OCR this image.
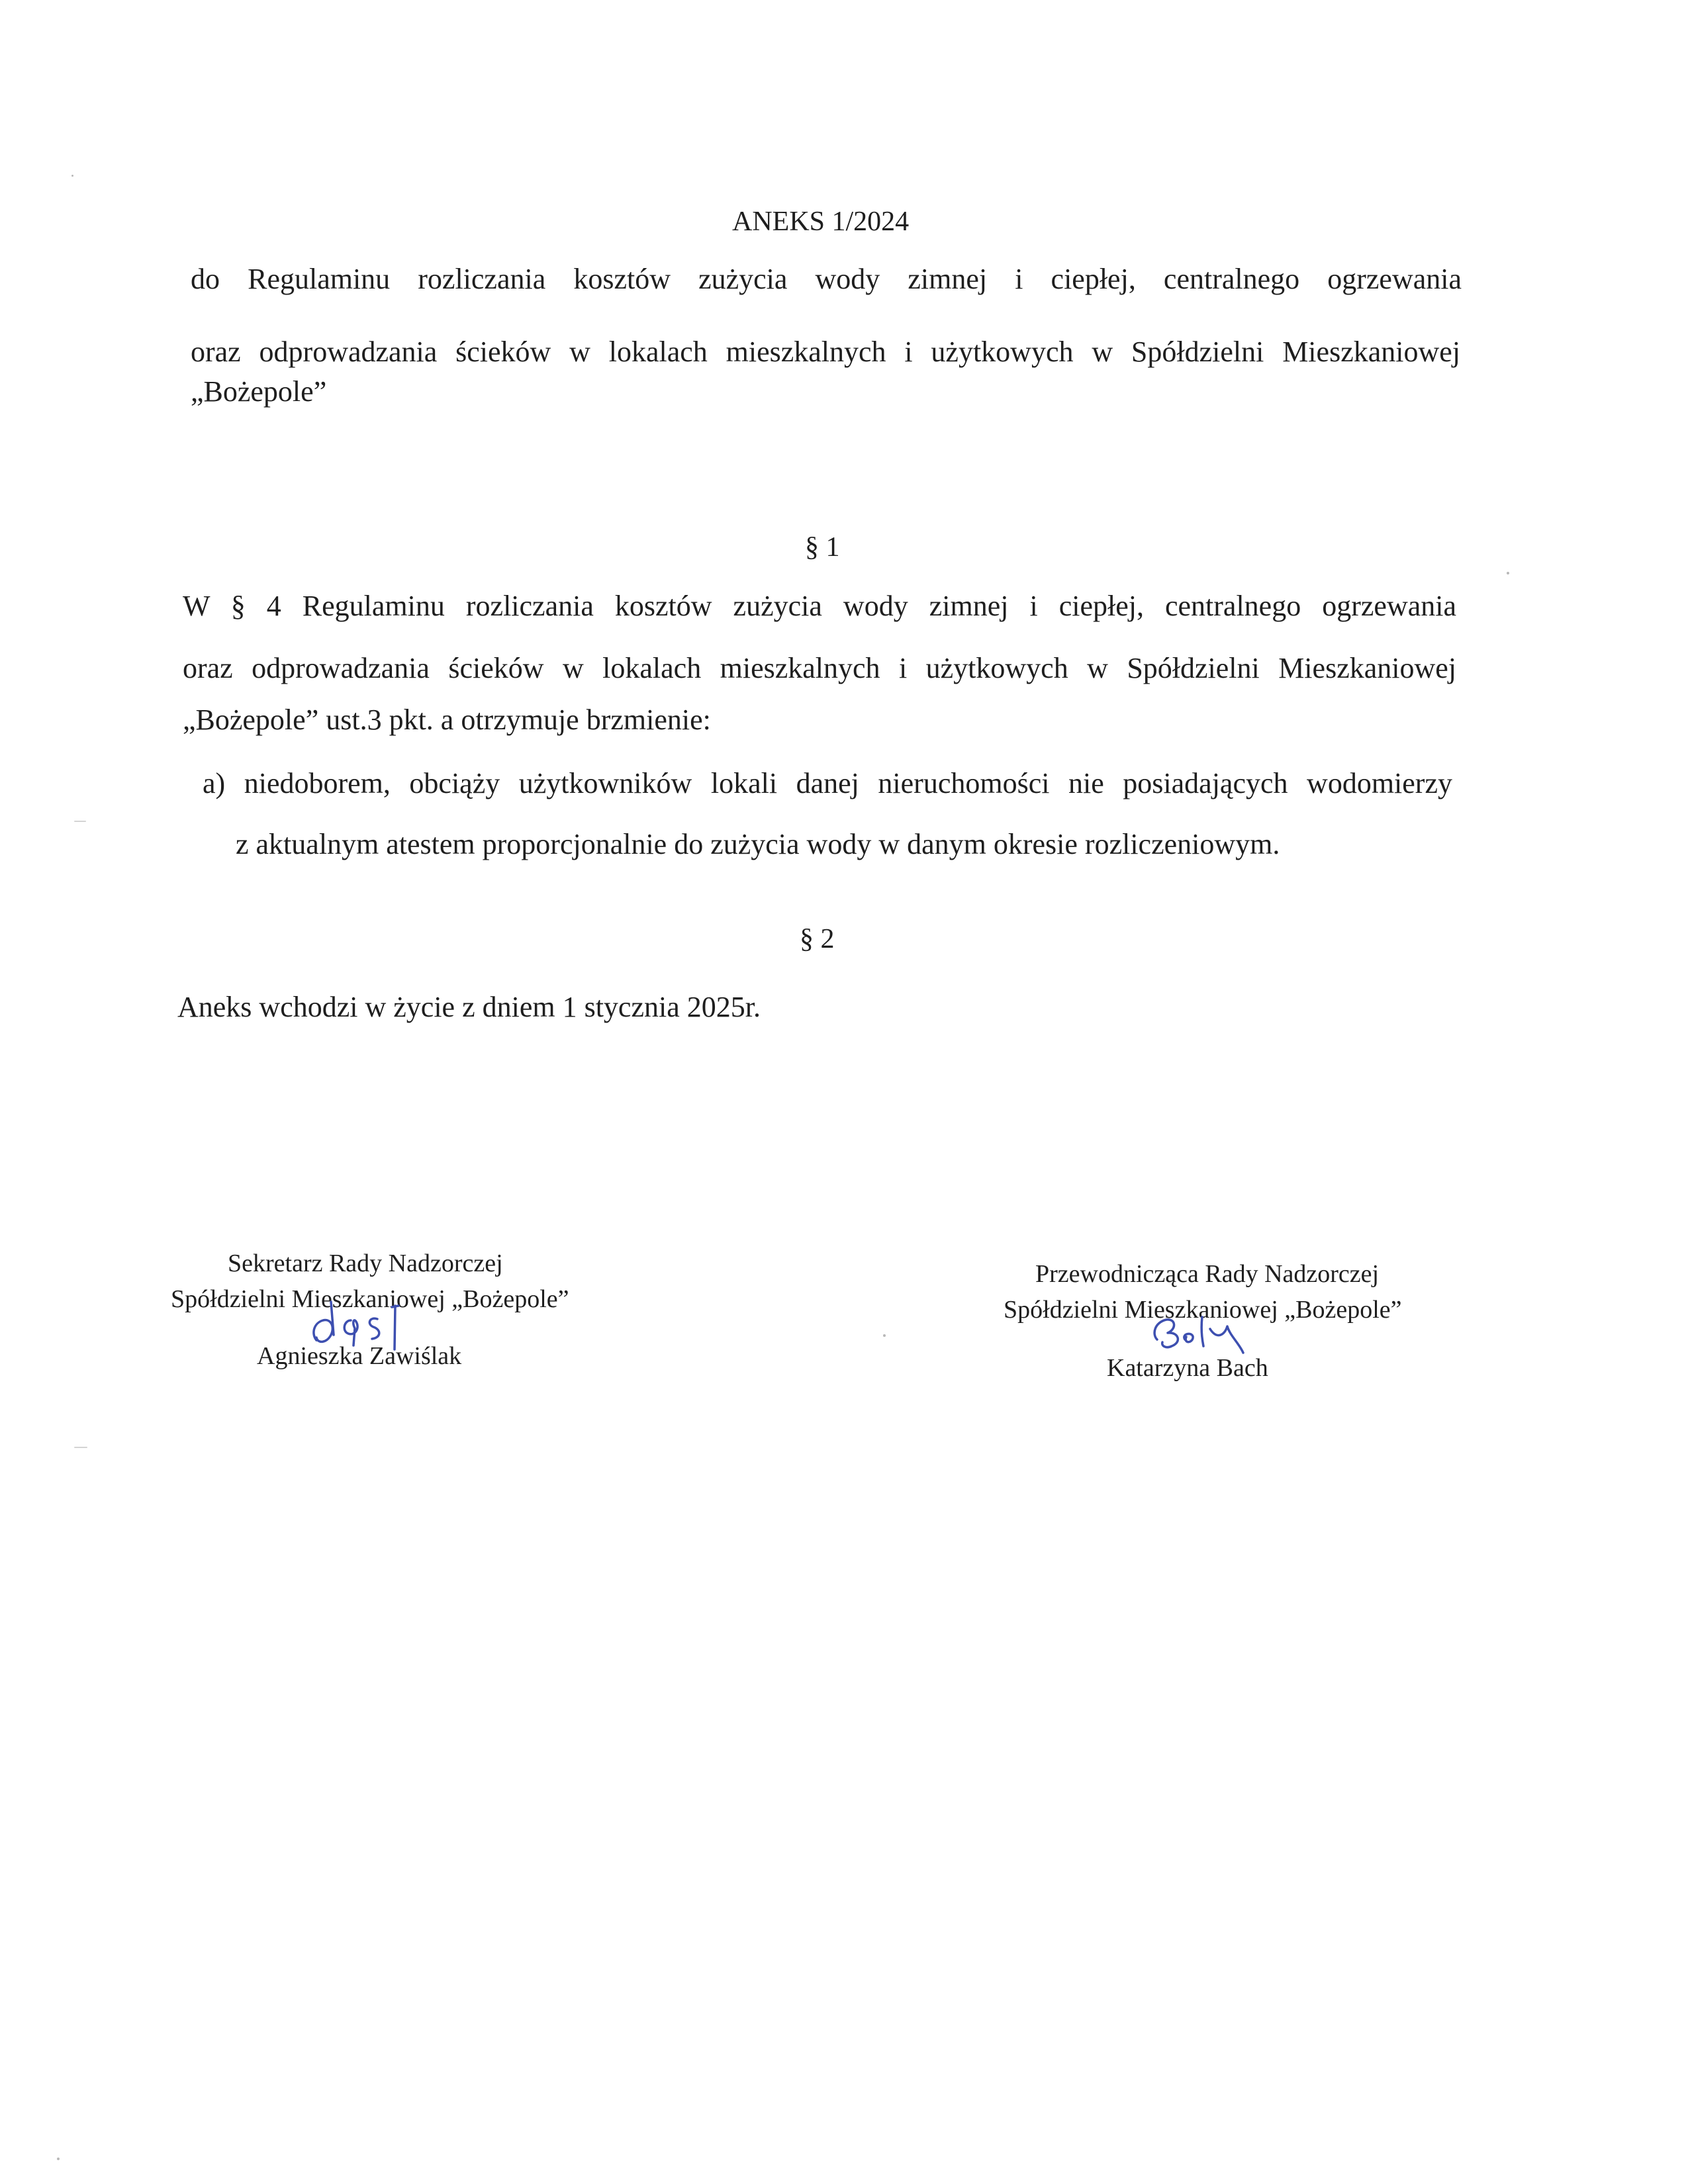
ANEKS 1/2024

do Regulaminu rozliczania kosztów zużycia wody zimnej i ciepłej, centralnego ogrzewania

oraz odprowadzania ścieków w lokalach mieszkalnych i użytkowych w Spółdzielni Mieszkaniowej

„Bożepole”

§ 1

W § 4 Regulaminu rozliczania kosztów zużycia wody zimnej i ciepłej, centralnego ogrzewania

oraz odprowadzania ścieków w lokalach mieszkalnych i użytkowych w Spółdzielni Mieszkaniowej

„Bożepole” ust.3 pkt. a otrzymuje brzmienie:

a) niedoborem, obciąży użytkowników lokali danej nieruchomości nie posiadających wodomierzy

z aktualnym atestem proporcjonalnie do zużycia wody w danym okresie rozliczeniowym.

§ 2

Aneks wchodzi w życie z dniem 1 stycznia 2025r.

Sekretarz Rady Nadzorczej

Spółdzielni Mieszkaniowej „Bożepole”

Agnieszka Zawiślak

Przewodnicząca Rady Nadzorczej

Spółdzielni Mieszkaniowej „Bożepole”

Katarzyna Bach
